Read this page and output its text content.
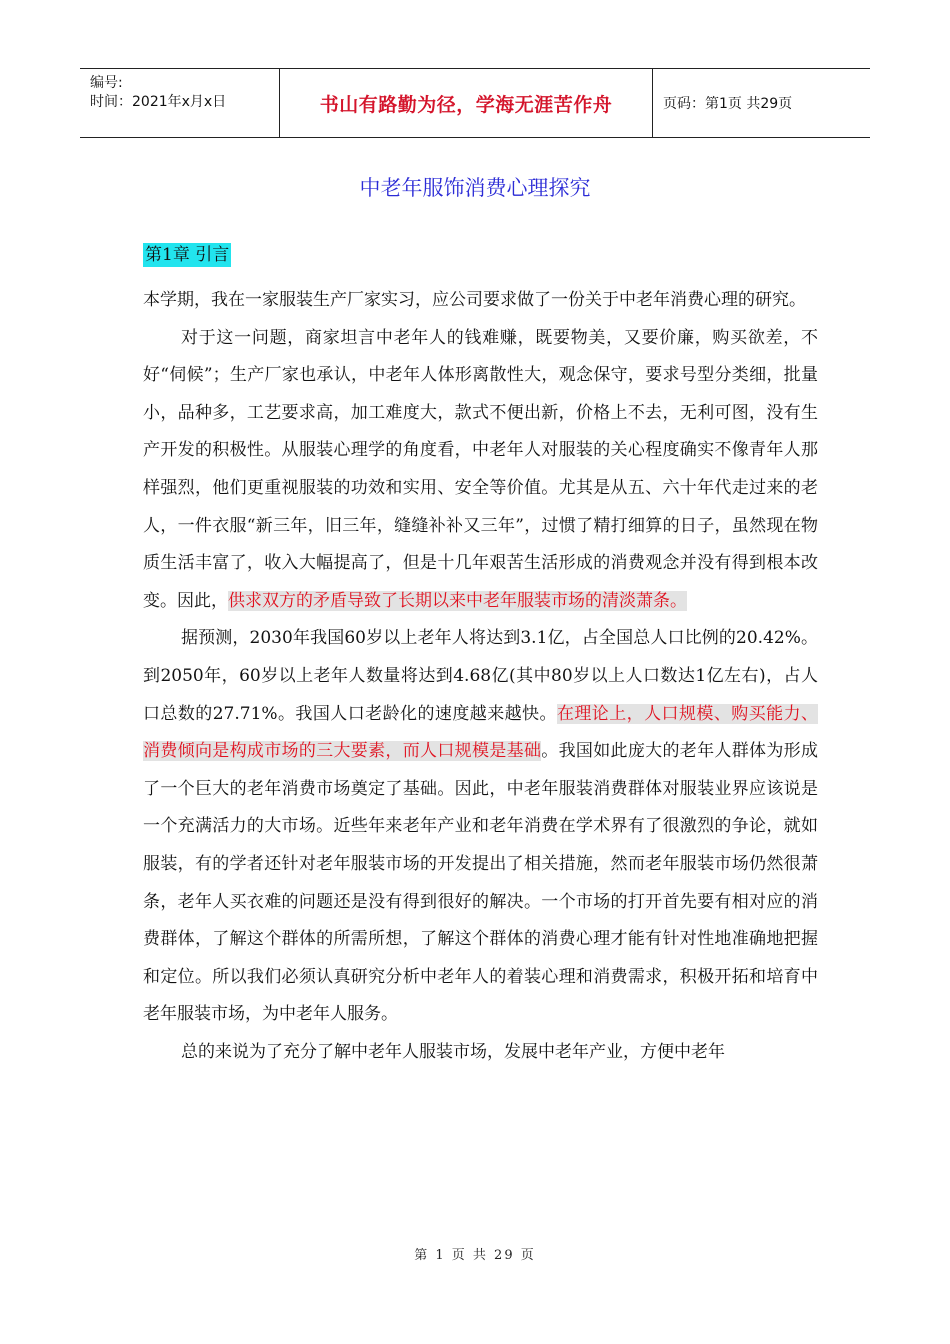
编号:
时间：2021年x月x日	书山有路勤为径，学海无涯苦作舟	页码：第1页 共29页
中老年服饰消费心理探究
第1章 引言

本学期，我在一家服装生产厂家实习，应公司要求做了一份关于中老年消费心理的研究。

对于这一问题，商家坦言中老年人的钱难赚，既要物美，又要价廉，购买欲差，不好“伺候”；生产厂家也承认，中老年人体形离散性大，观念保守，要求号型分类细，批量小，品种多，工艺要求高，加工难度大，款式不便出新，价格上不去，无利可图，没有生产开发的积极性。从服装心理学的角度看，中老年人对服装的关心程度确实不像青年人那样强烈，他们更重视服装的功效和实用、安全等价值。尤其是从五、六十年代走过来的老人，一件衣服“新三年，旧三年，缝缝补补又三年”，过惯了精打细算的日子，虽然现在物质生活丰富了，收入大幅提高了，但是十几年艰苦生活形成的消费观念并没有得到根本改变。因此，供求双方的矛盾导致了长期以来中老年服装市场的清淡萧条。

据预测，2030年我国60岁以上老年人将达到3.1亿，占全国总人口比例的20.42%。到2050年，60岁以上老年人数量将达到4.68亿(其中80岁以上人口数达1亿左右)，占人口总数的27.71%。我国人口老龄化的速度越来越快。在理论上，人口规模、购买能力、消费倾向是构成市场的三大要素，而人口规模是基础。我国如此庞大的老年人群体为形成了一个巨大的老年消费市场奠定了基础。因此，中老年服装消费群体对服装业界应该说是一个充满活力的大市场。近些年来老年产业和老年消费在学术界有了很激烈的争论，就如服装，有的学者还针对老年服装市场的开发提出了相关措施，然而老年服装市场仍然很萧条，老年人买衣难的问题还是没有得到很好的解决。一个市场的打开首先要有相对应的消费群体，了解这个群体的所需所想，了解这个群体的消费心理才能有针对性地准确地把握和定位。所以我们必须认真研究分析中老年人的着装心理和消费需求，积极开拓和培育中老年服装市场，为中老年人服务。

总的来说为了充分了解中老年人服装市场，发展中老年产业，方便中老年

第 1 页 共 29 页
